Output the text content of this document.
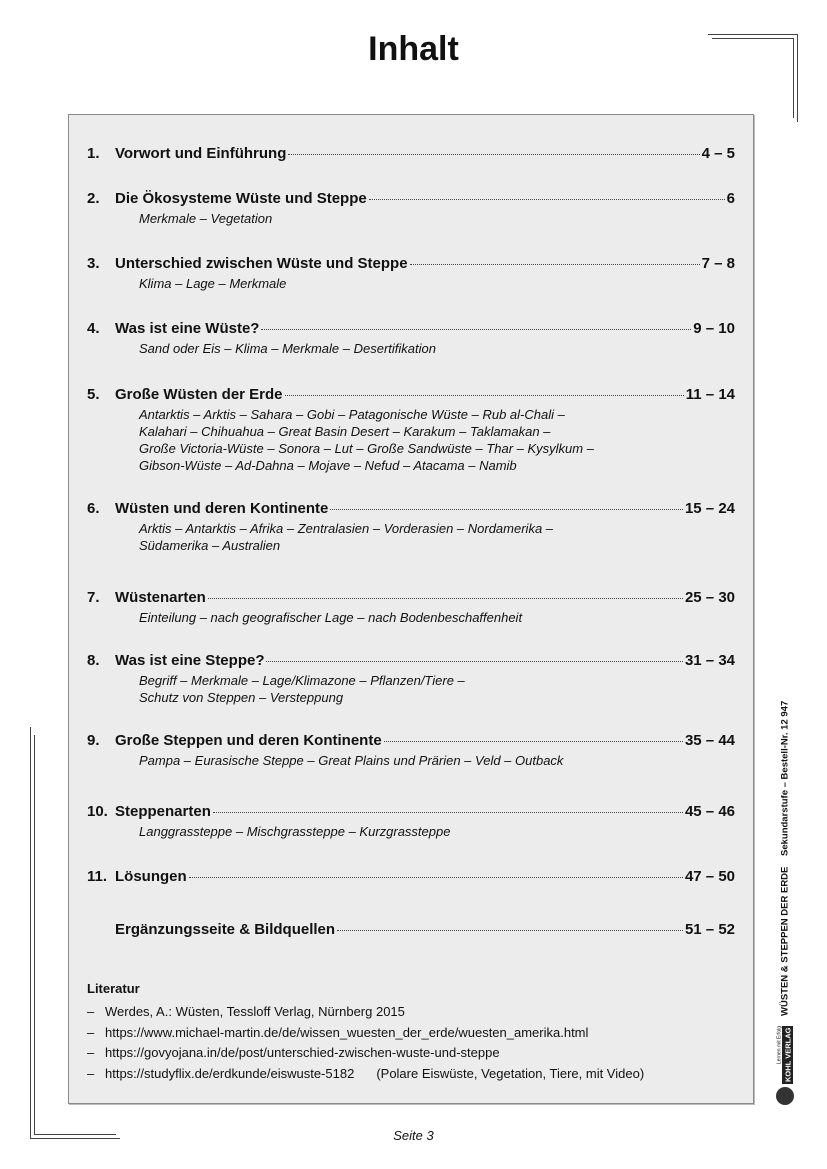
Inhalt
1.	Vorwort und Einführung	4 – 5
2.	Die Ökosysteme Wüste und Steppe	6
Merkmale – Vegetation
3.	Unterschied zwischen Wüste und Steppe	7 – 8
Klima – Lage – Merkmale
4.	Was ist eine Wüste?	9 – 10
Sand oder Eis – Klima – Merkmale – Desertifikation
5.	Große Wüsten der Erde	11 – 14
Antarktis – Arktis – Sahara – Gobi – Patagonische Wüste – Rub al-Chali –
Kalahari – Chihuahua – Great Basin Desert – Karakum – Taklamakan –
Große Victoria-Wüste – Sonora – Lut – Große Sandwüste – Thar – Kysylkum –
Gibson-Wüste – Ad-Dahna – Mojave – Nefud – Atacama – Namib
6.	Wüsten und deren Kontinente	15 – 24
Arktis – Antarktis – Afrika – Zentralasien – Vorderasien – Nordamerika –
Südamerika – Australien
7.	Wüstenarten	25 – 30
Einteilung – nach geografischer Lage – nach Bodenbeschaffenheit
8.	Was ist eine Steppe?	31 – 34
Begriff – Merkmale – Lage/Klimazone – Pflanzen/Tiere –
Schutz von Steppen – Versteppung
9.	Große Steppen und deren Kontinente	35 – 44
Pampa – Eurasische Steppe – Great Plains und Prärien – Veld – Outback
10. Steppenarten	45 – 46
Langgrassteppe – Mischgrassteppe – Kurzgrassteppe
11. Lösungen	47 – 50
Ergänzungsseite & Bildquellen	51 – 52
Literatur
– Werdes, A.: Wüsten, Tessloff Verlag, Nürnberg 2015
– https://www.michael-martin.de/de/wissen_wuesten_der_erde/wuesten_amerika.html
– https://govyojana.in/de/post/unterschied-zwischen-wuste-und-steppe
– https://studyflix.de/erdkunde/eiswuste-5182 (Polare Eiswüste, Vegetation, Tiere, mit Video)
Seite 3
Lernen mit Erfolg KOHL VERLAG
WÜSTEN & STEPPEN DER ERDE
Sekundarstufe – Bestell-Nr. 12 947
